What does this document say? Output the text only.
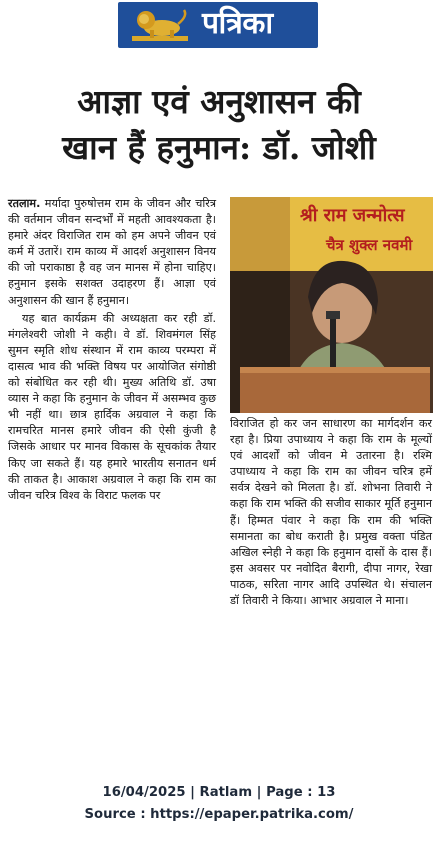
पत्रिका
आज्ञा एवं अनुशासन की
खान हैं हनुमान: डॉ. जोशी
श्री राम जन्मोत्स
चैत्र शुक्ल नवमी

रतलाम. मर्यादा पुरुषोत्तम राम के जीवन और चरित्र की वर्तमान जीवन सन्दर्भों में महती आवश्यकता है। हमारे अंदर विराजित राम को हम अपने जीवन एवं कर्म में उतारें। राम काव्य में आदर्श अनुशासन विनय की जो पराकाष्ठा है वह जन मानस में होना चाहिए। हनुमान इसके सशक्त उदाहरण हैं। आज्ञा एवं अनुशासन की खान हैं हनुमान।

यह बात कार्यक्रम की अध्यक्षता कर रही डॉ. मंगलेश्वरी जोशी ने कही। वे डॉ. शिवमंगल सिंह सुमन स्मृति शोध संस्थान में राम काव्य परम्परा में दासत्व भाव की भक्ति विषय पर आयोजित संगोष्ठी को संबोधित कर रही थी। मुख्य अतिथि डॉ. उषा व्यास ने कहा कि हनुमान के जीवन में असम्भव कुछ भी नहीं था। छात्र हार्दिक अग्रवाल ने कहा कि रामचरित मानस हमारे जीवन की ऐसी कुंजी है जिसके आधार पर मानव विकास के सूचकांक तैयार किए जा सकते हैं। यह हमारे भारतीय सनातन धर्म की ताकत है। आकाश अग्रवाल ने कहा कि राम का जीवन चरित्र विश्व के विराट फलक पर

विराजित हो कर जन साधारण का मार्गदर्शन कर रहा है। प्रिया उपाध्याय ने कहा कि राम के मूल्यों एवं आदर्शों को जीवन मे उतारना है। रश्मि उपाध्याय ने कहा कि राम का जीवन चरित्र हमें सर्वत्र देखने को मिलता है। डॉ. शोभना तिवारी ने कहा कि राम भक्ति की सजीव साकार मूर्ति हनुमान हैं। हिम्मत पंवार ने कहा कि राम की भक्ति समानता का बोध कराती है। प्रमुख वक्ता पंडित अखिल स्नेही ने कहा कि हनुमान दासों के दास हैं। इस अवसर पर नवोदित बैरागी, दीपा नागर, रेखा पाठक, सरिता नागर आदि उपस्थित थे। संचालन डॉ तिवारी ने किया। आभार अग्रवाल ने माना।

16/04/2025 | Ratlam | Page : 13
Source : https://epaper.patrika.com/
